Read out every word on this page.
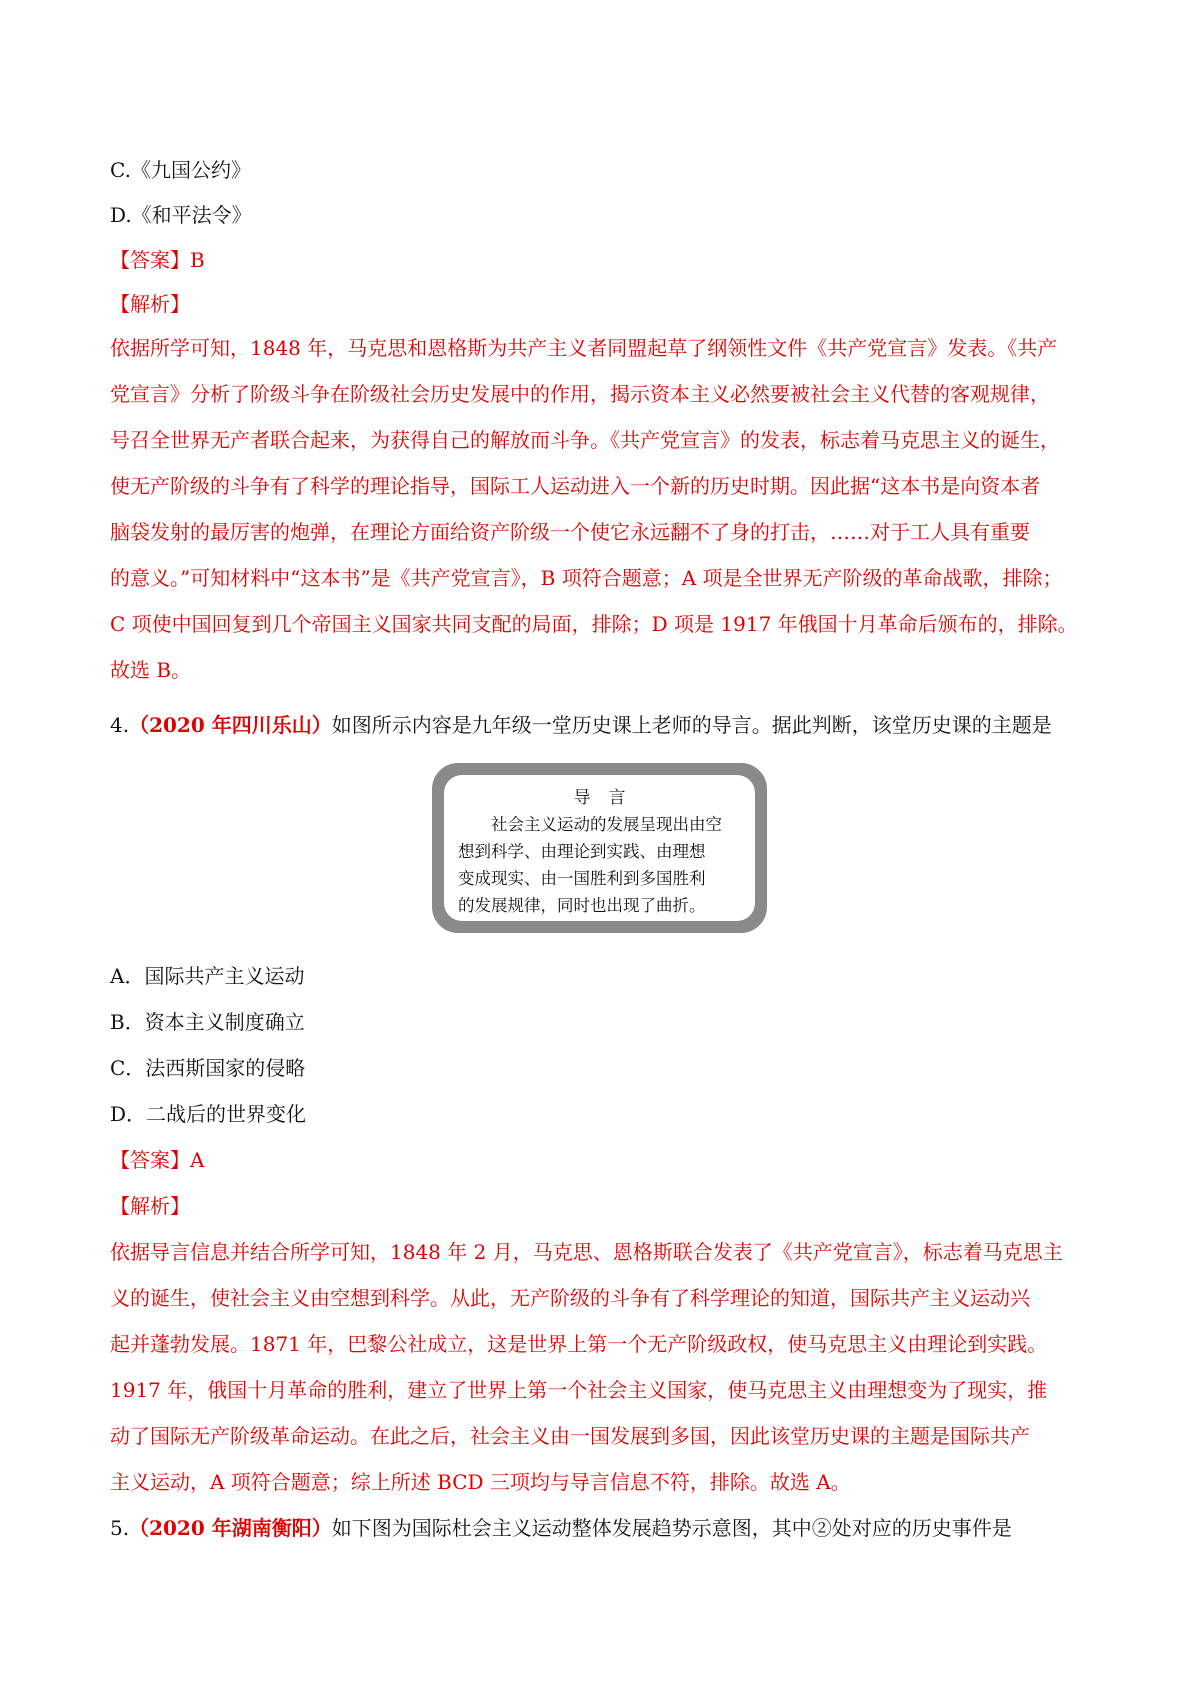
C.《九国公约》
D.《和平法令》
【答案】B
【解析】
依据所学可知，1848 年，马克思和恩格斯为共产主义者同盟起草了纲领性文件《共产党宣言》发表。《共产
党宣言》分析了阶级斗争在阶级社会历史发展中的作用，揭示资本主义必然要被社会主义代替的客观规律，
号召全世界无产者联合起来，为获得自己的解放而斗争。《共产党宣言》的发表，标志着马克思主义的诞生，
使无产阶级的斗争有了科学的理论指导，国际工人运动进入一个新的历史时期。因此据“这本书是向资本者
脑袋发射的最厉害的炮弹，在理论方面给资产阶级一个使它永远翻不了身的打击，……对于工人具有重要
的意义。”可知材料中“这本书”是《共产党宣言》，B 项符合题意；A 项是全世界无产阶级的革命战歌，排除；
C 项使中国回复到几个帝国主义国家共同支配的局面，排除；D 项是 1917 年俄国十月革命后颁布的，排除。
故选 B。
4.（2020 年四川乐山）如图所示内容是九年级一堂历史课上老师的导言。据此判断，该堂历史课的主题是
导言
社会主义运动的发展呈现出由空
想到科学、由理论到实践、由理想
变成现实、由一国胜利到多国胜利
的发展规律，同时也出现了曲折。
A．国际共产主义运动
B．资本主义制度确立
C．法西斯国家的侵略
D．二战后的世界变化
【答案】A
【解析】
依据导言信息并结合所学可知，1848 年 2 月，马克思、恩格斯联合发表了《共产党宣言》，标志着马克思主
义的诞生，使社会主义由空想到科学。从此，无产阶级的斗争有了科学理论的知道，国际共产主义运动兴
起并蓬勃发展。1871 年，巴黎公社成立，这是世界上第一个无产阶级政权，使马克思主义由理论到实践。
1917 年，俄国十月革命的胜利，建立了世界上第一个社会主义国家，使马克思主义由理想变为了现实，推
动了国际无产阶级革命运动。在此之后，社会主义由一国发展到多国，因此该堂历史课的主题是国际共产
主义运动，A 项符合题意；综上所述 BCD 三项均与导言信息不符，排除。故选 A。
5.（2020 年湖南衡阳）如下图为国际杜会主义运动整体发展趋势示意图，其中②处对应的历史事件是
